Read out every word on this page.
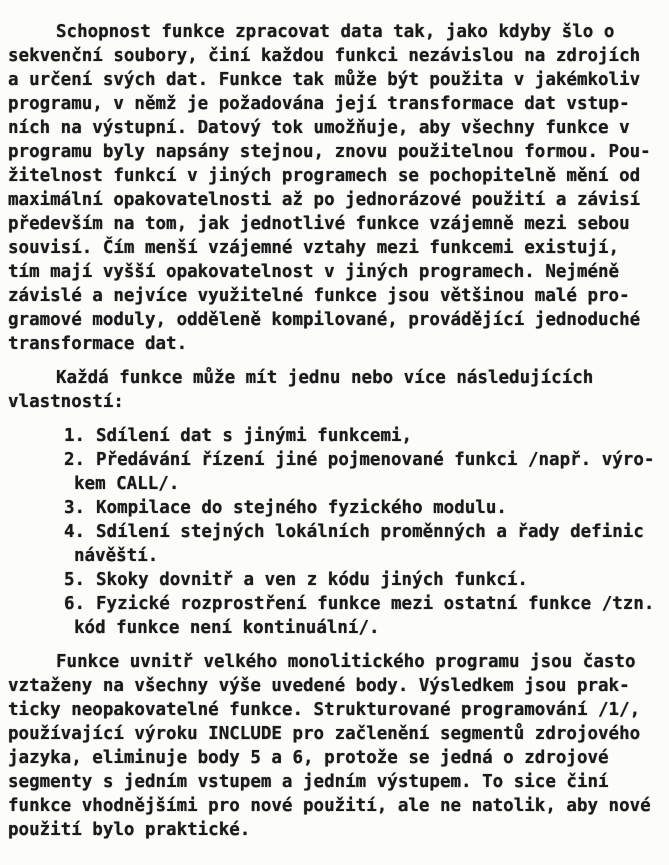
Schopnost funkce zpracovat data tak, jako kdyby šlo o
sekvenční soubory, činí každou funkci nezávislou na zdrojích
a určení svých dat. Funkce tak může být použita v jakémkoliv
programu, v němž je požadována její transformace dat vstup-
ních na výstupní. Datový tok umožňuje, aby všechny funkce v
programu byly napsány stejnou, znovu použitelnou formou. Pou-
žitelnost funkcí v jiných programech se pochopitelně mění od
maximální opakovatelnosti až po jednorázové použití a závisí
především na tom, jak jednotlivé funkce vzájemně mezi sebou
souvisí. Čím menší vzájemné vztahy mezi funkcemi existují,
tím mají vyšší opakovatelnost v jiných programech. Nejméně
závislé a nejvíce využitelné funkce jsou většinou malé pro-
gramové moduly, odděleně kompilované, provádějící jednoduché
transformace dat.
Každá funkce může mít jednu nebo více následujících
vlastností:
1. Sdílení dat s jinými funkcemi,
2. Předávání řízení jiné pojmenované funkci /např. výro-
kem CALL/.
3. Kompilace do stejného fyzického modulu.
4. Sdílení stejných lokálních proměnných a řady definic
návěští.
5. Skoky dovnitř a ven z kódu jiných funkcí.
6. Fyzické rozprostření funkce mezi ostatní funkce /tzn.
kód funkce není kontinuální/.
Funkce uvnitř velkého monolitického programu jsou často
vztaženy na všechny výše uvedené body. Výsledkem jsou prak-
ticky neopakovatelné funkce. Strukturované programování /1/,
používající výroku INCLUDE pro začlenění segmentů zdrojového
jazyka, eliminuje body 5 a 6, protože se jedná o zdrojové
segmenty s jedním vstupem a jedním výstupem. To sice činí
funkce vhodnějšími pro nové použití, ale ne natolik, aby nové
použití bylo praktické.
